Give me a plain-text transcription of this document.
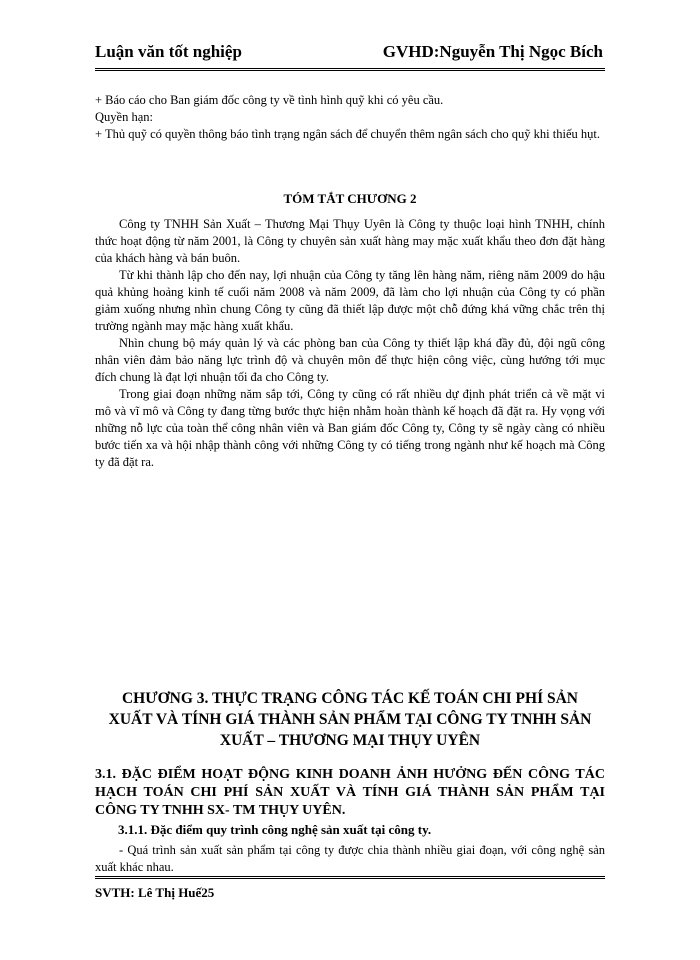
Luận văn tốt nghiệp	GVHD:Nguyễn Thị Ngọc Bích

+ Báo cáo cho Ban giám đốc công ty về tình hình quỹ khi có yêu cầu.

Quyền hạn:

+ Thủ quỹ có quyền thông báo tình trạng ngân sách để chuyển thêm ngân sách cho quỹ khi thiếu hụt.

TÓM TẮT CHƯƠNG 2

Công ty TNHH Sản Xuất – Thương Mại Thụy Uyên là Công ty thuộc loại hình TNHH, chính thức hoạt động từ năm 2001, là Công ty chuyên sản xuất hàng may mặc xuất khẩu theo đơn đặt hàng của khách hàng và bán buôn.

Từ khi thành lập cho đến nay, lợi nhuận của Công ty tăng lên hàng năm, riêng năm 2009 do hậu quả khủng hoảng kinh tế cuối năm 2008 và năm 2009, đã làm cho lợi nhuận của Công ty có phần giảm xuống nhưng nhìn chung Công ty cũng đã thiết lập được một chỗ đứng khá vững chắc trên thị trường ngành may mặc hàng xuất khẩu.

Nhìn chung bộ máy quản lý và các phòng ban của Công ty thiết lập khá đầy đủ, đội ngũ công nhân viên đảm bảo năng lực trình độ và chuyên môn để thực hiện công việc, cùng hướng tới mục đích chung là đạt lợi nhuận tối đa cho Công ty.

Trong giai đoạn những năm sắp tới, Công ty cũng có rất nhiều dự định phát triển cả về mặt vi mô và vĩ mô và Công ty đang từng bước thực hiện nhằm hoàn thành kế hoạch đã đặt ra. Hy vọng với những nỗ lực của toàn thể công nhân viên và Ban giám đốc Công ty, Công ty sẽ ngày càng có nhiều bước tiến xa và hội nhập thành công với những Công ty có tiếng trong ngành như kế hoạch mà Công ty đã đặt ra.

CHƯƠNG 3. THỰC TRẠNG CÔNG TÁC KẾ TOÁN CHI PHÍ SẢN XUẤT VÀ TÍNH GIÁ THÀNH SẢN PHẨM TẠI CÔNG TY TNHH SẢN XUẤT – THƯƠNG MẠI THỤY UYÊN
3.1. ĐẶC ĐIỂM HOẠT ĐỘNG KINH DOANH ẢNH HƯỞNG ĐẾN CÔNG TÁC HẠCH TOÁN CHI PHÍ SẢN XUẤT VÀ TÍNH GIÁ THÀNH SẢN PHẨM TẠI CÔNG TY TNHH SX- TM THỤY UYÊN.
3.1.1. Đặc điểm quy trình công nghệ sản xuất tại công ty.

- Quá trình sản xuất sản phẩm tại công ty được chia thành nhiều giai đoạn, với công nghệ sản xuất khác nhau.

SVTH: Lê Thị Huế25
